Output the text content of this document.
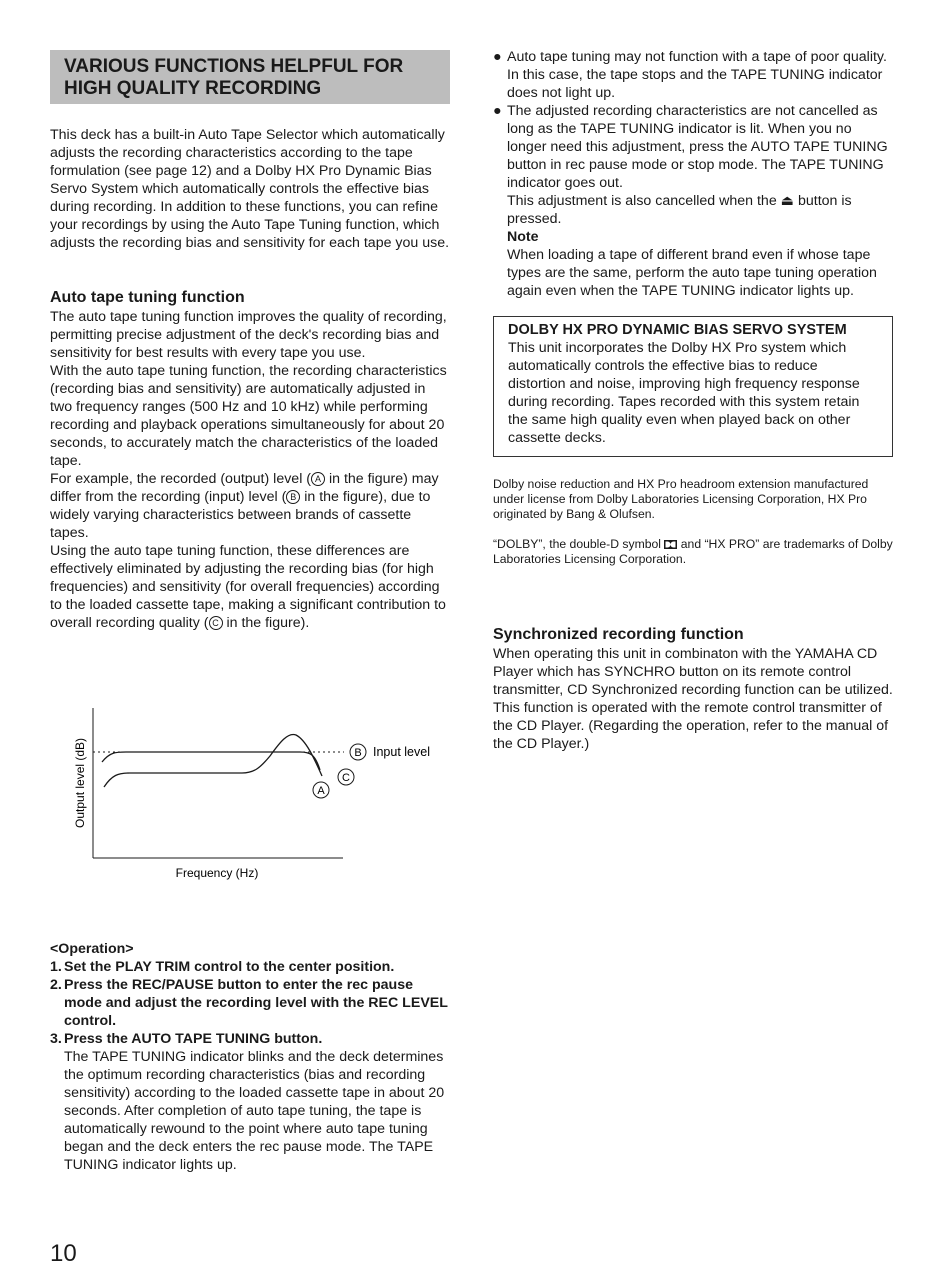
VARIOUS FUNCTIONS HELPFUL FOR
HIGH QUALITY RECORDING

This deck has a built-in Auto Tape Selector which automatically adjusts the recording characteristics according to the tape formulation (see page 12) and a Dolby HX Pro Dynamic Bias Servo System which automatically controls the effective bias during recording. In addition to these functions, you can refine your recordings by using the Auto Tape Tuning function, which adjusts the recording bias and sensitivity for each tape you use.

Auto tape tuning function

The auto tape tuning function improves the quality of recording, permitting precise adjustment of the deck's recording bias and sensitivity for best results with every tape you use.

With the auto tape tuning function, the recording characteristics (recording bias and sensitivity) are automatically adjusted in two frequency ranges (500 Hz and 10 kHz) while performing recording and playback operations simultaneously for about 20 seconds, to accurately match the characteristics of the loaded tape.

For example, the recorded (output) level ( A in the figure) may differ from the recording (input) level ( B in the figure), due to widely varying characteristics between brands of cassette tapes.

Using the auto tape tuning function, these differences are effectively eliminated by adjusting the recording bias (for high frequencies) and sensitivity (for overall frequencies) according to the loaded cassette tape, making a significant contribution to overall recording quality ( C in the figure).

B Input level
C
A
Output level (dB)
Frequency (Hz)

<Operation>

1. Set the PLAY TRIM control to the center position.
2. Press the REC/PAUSE button to enter the rec pause mode and adjust the recording level with the REC LEVEL control.
3. Press the AUTO TAPE TUNING button.
The TAPE TUNING indicator blinks and the deck determines the optimum recording characteristics (bias and recording sensitivity) according to the loaded cassette tape in about 20 seconds. After completion of auto tape tuning, the tape is automatically rewound to the point where auto tape tuning began and the deck enters the rec pause mode. The TAPE TUNING indicator lights up.
● Auto tape tuning may not function with a tape of poor quality. In this case, the tape stops and the TAPE TUNING indicator does not light up.

● The adjusted recording characteristics are not cancelled as long as the TAPE TUNING indicator is lit. When you no longer need this adjustment, press the AUTO TAPE TUNING button in rec pause mode or stop mode. The TAPE TUNING indicator goes out.

This adjustment is also cancelled when the ⏏ button is pressed.

Note

When loading a tape of different brand even if whose tape types are the same, perform the auto tape tuning operation again even when the TAPE TUNING indicator lights up.

DOLBY HX PRO DYNAMIC BIAS SERVO SYSTEM

This unit incorporates the Dolby HX Pro system which automatically controls the effective bias to reduce distortion and noise, improving high frequency response during recording. Tapes recorded with this system retain the same high quality even when played back on other cassette decks.

Dolby noise reduction and HX Pro headroom extension manufactured under license from Dolby Laboratories Licensing Corporation, HX Pro originated by Bang & Olufsen.

“DOLBY”, the double-D symbol  and “HX PRO” are trademarks of Dolby Laboratories Licensing Corporation.

Synchronized recording function

When operating this unit in combinaton with the YAMAHA CD Player which has SYNCHRO button on its remote control transmitter, CD Synchronized recording function can be utilized. This function is operated with the remote control transmitter of the CD Player. (Regarding the operation, refer to the manual of the CD Player.)

10
